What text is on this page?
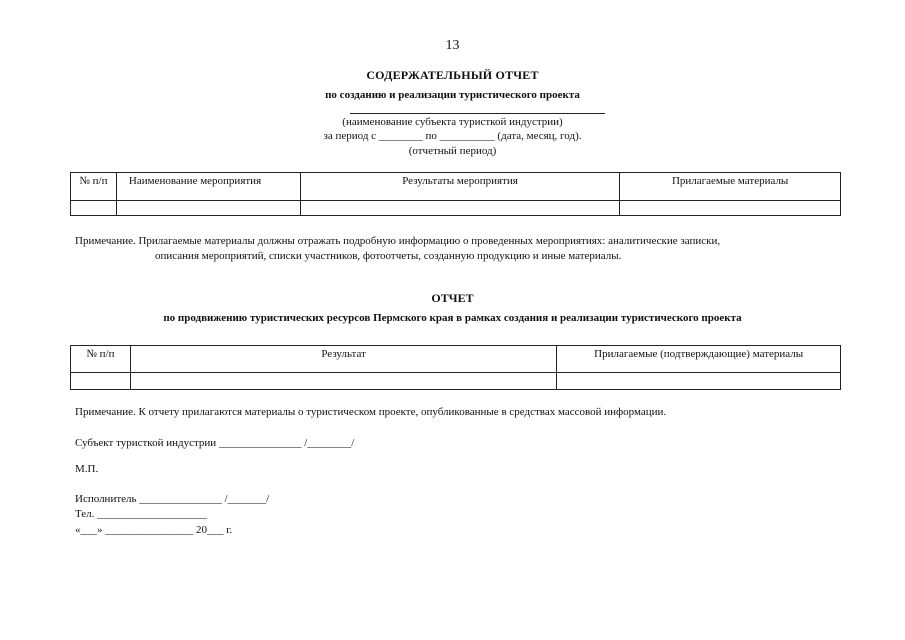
13
СОДЕРЖАТЕЛЬНЫЙ ОТЧЕТ
по созданию и реализации туристического проекта
(наименование субъекта туристкой индустрии)
за период с ________ по __________ (дата, месяц, год).
(отчетный период)
№ п/п	Наименование мероприятия	Результаты мероприятия	Прилагаемые материалы

Примечание. Прилагаемые материалы должны отражать подробную информацию о проведенных мероприятиях: аналитические записки,
описания мероприятий, списки участников, фотоотчеты, созданную продукцию и иные материалы.
ОТЧЕТ
по продвижению туристических ресурсов Пермского края в рамках создания и реализации туристического проекта
№ п/п	Результат	Прилагаемые (подтверждающие) материалы

Примечание. К отчету прилагаются материалы о туристическом проекте, опубликованные в средствах массовой информации.
Субъект туристкой индустрии _______________ /________/
М.П.
Исполнитель _______________ /_______/
Тел. ____________________
«___» ________________ 20___ г.
